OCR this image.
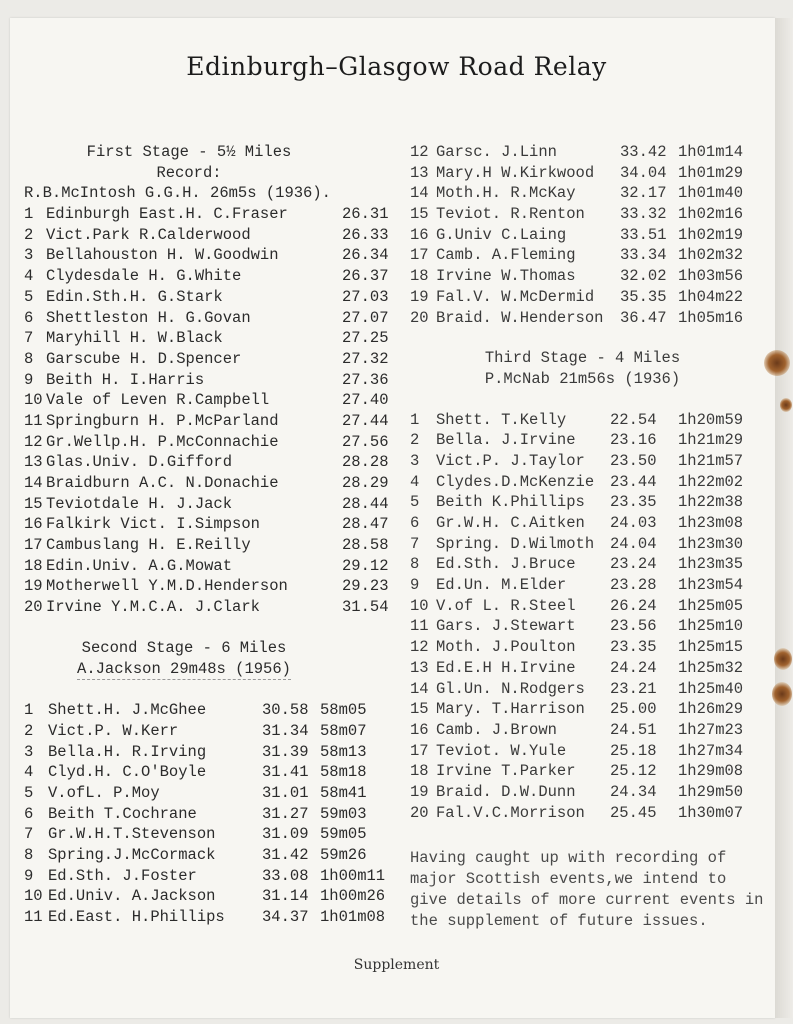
Edinburgh–Glasgow Road Relay
First Stage - 5½ Miles
Record:
R.B.McIntosh G.G.H. 26m5s (1936).
1 Edinburgh East.H. C.Fraser	26.31
2 Vict.Park R.Calderwood	26.33
3 Bellahouston H. W.Goodwin	26.34
4 Clydesdale H. G.White	26.37
5 Edin.Sth.H. G.Stark	27.03
6 Shettleston H. G.Govan	27.07
7 Maryhill H. W.Black	27.25
8 Garscube H. D.Spencer	27.32
9 Beith H. I.Harris	27.36
10 Vale of Leven R.Campbell	27.40
11 Springburn H. P.McParland	27.44
12 Gr.Wellp.H. P.McConnachie	27.56
13 Glas.Univ. D.Gifford	28.28
14 Braidburn A.C. N.Donachie	28.29
15 Teviotdale H. J.Jack	28.44
16 Falkirk Vict. I.Simpson	28.47
17 Cambuslang H. E.Reilly	28.58
18 Edin.Univ. A.G.Mowat	29.12
19 Motherwell Y.M.D.Henderson	29.23
20 Irvine Y.M.C.A. J.Clark	31.54
Second Stage - 6 Miles
A.Jackson 29m48s (1956)
1 Shett.H. J.McGhee	30.58 58m05
2 Vict.P. W.Kerr	31.34 58m07
3 Bella.H. R.Irving	31.39 58m13
4 Clyd.H. C.O'Boyle	31.41 58m18
5 V.ofL. P.Moy	31.01 58m41
6 Beith T.Cochrane	31.27 59m03
7 Gr.W.H.T.Stevenson	31.09 59m05
8 Spring.J.McCormack	31.42 59m26
9 Ed.Sth. J.Foster	33.08 1h00m11
10 Ed.Univ. A.Jackson	31.14 1h00m26
11 Ed.East. H.Phillips 34.37 1h01m08
12 Garsc. J.Linn	33.42 1h01m14
13 Mary.H W.Kirkwood 34.04 1h01m29
14 Moth.H. R.McKay	32.17 1h01m40
15 Teviot. R.Renton 33.32 1h02m16
16 G.Univ C.Laing	33.51 1h02m19
17 Camb. A.Fleming	33.34 1h02m32
18 Irvine W.Thomas	32.02 1h03m56
19 Fal.V. W.McDermid 35.35 1h04m22
20 Braid. W.Henderson 36.47 1h05m16
Third Stage - 4 Miles
P.McNab 21m56s (1936)
1 Shett. T.Kelly	22.54 1h20m59
2 Bella. J.Irvine 23.16 1h21m29
3 Vict.P. J.Taylor 23.50 1h21m57
4 Clydes.D.McKenzie 23.44 1h22m02
5 Beith K.Phillips 23.35 1h22m38
6 Gr.W.H. C.Aitken 24.03 1h23m08
7 Spring. D.Wilmoth 24.04 1h23m30
8 Ed.Sth. J.Bruce 23.24 1h23m35
9 Ed.Un. M.Elder	23.28 1h23m54
10 V.of L. R.Steel 26.24 1h25m05
11 Gars. J.Stewart 23.56 1h25m10
12 Moth. J.Poulton 23.35 1h25m15
13 Ed.E.H H.Irvine 24.24 1h25m32
14 Gl.Un. N.Rodgers 23.21 1h25m40
15 Mary. T.Harrison 25.00 1h26m29
16 Camb. J.Brown	24.51 1h27m23
17 Teviot. W.Yule	25.18 1h27m34
18 Irvine T.Parker 25.12 1h29m08
19 Braid. D.W.Dunn 24.34 1h29m50
20 Fal.V.C.Morrison 25.45 1h30m07
Having caught up with recording of major Scottish events,we intend to give details of more current events in the supplement of future issues.
Supplement
